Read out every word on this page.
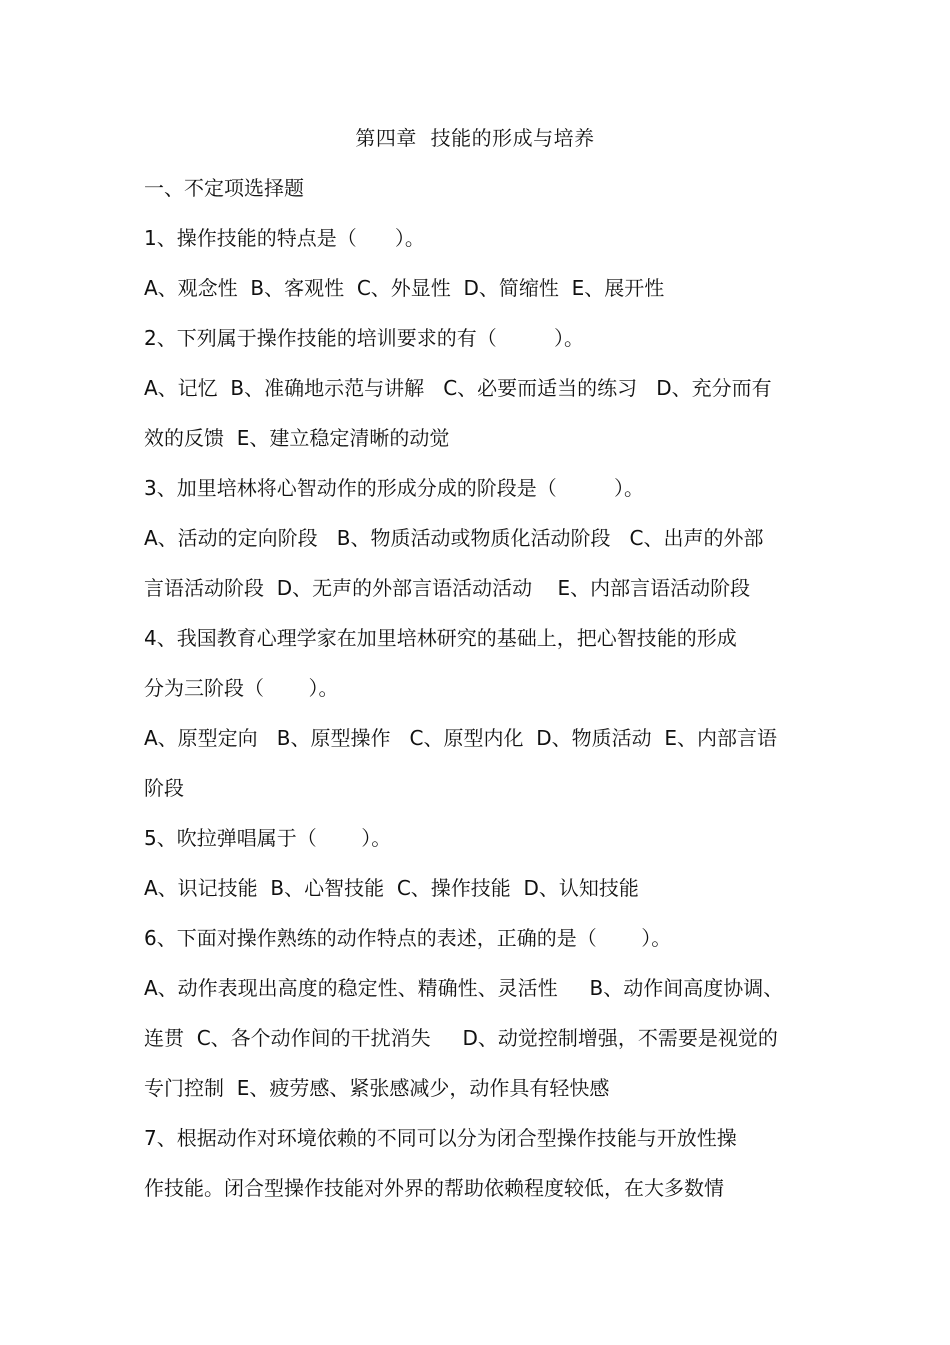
第四章  技能的形成与培养
一、不定项选择题
1、操作技能的特点是（      ）。
A、观念性  B、客观性  C、外显性  D、简缩性  E、展开性
2、下列属于操作技能的培训要求的有（         ）。
A、记忆  B、准确地示范与讲解   C、必要而适当的练习   D、充分而有
效的反馈  E、建立稳定清晰的动觉
3、加里培林将心智动作的形成分成的阶段是（         ）。
A、活动的定向阶段   B、物质活动或物质化活动阶段   C、出声的外部
言语活动阶段  D、无声的外部言语活动活动    E、内部言语活动阶段
4、我国教育心理学家在加里培林研究的基础上，把心智技能的形成
分为三阶段（       ）。
A、原型定向   B、原型操作   C、原型内化  D、物质活动  E、内部言语
阶段
5、吹拉弹唱属于（       ）。
A、识记技能  B、心智技能  C、操作技能  D、认知技能
6、下面对操作熟练的动作特点的表述，正确的是（       ）。
A、动作表现出高度的稳定性、精确性、灵活性     B、动作间高度协调、
连贯  C、各个动作间的干扰消失     D、动觉控制增强，不需要是视觉的
专门控制  E、疲劳感、紧张感减少，动作具有轻快感
7、根据动作对环境依赖的不同可以分为闭合型操作技能与开放性操
作技能。闭合型操作技能对外界的帮助依赖程度较低，在大多数情
